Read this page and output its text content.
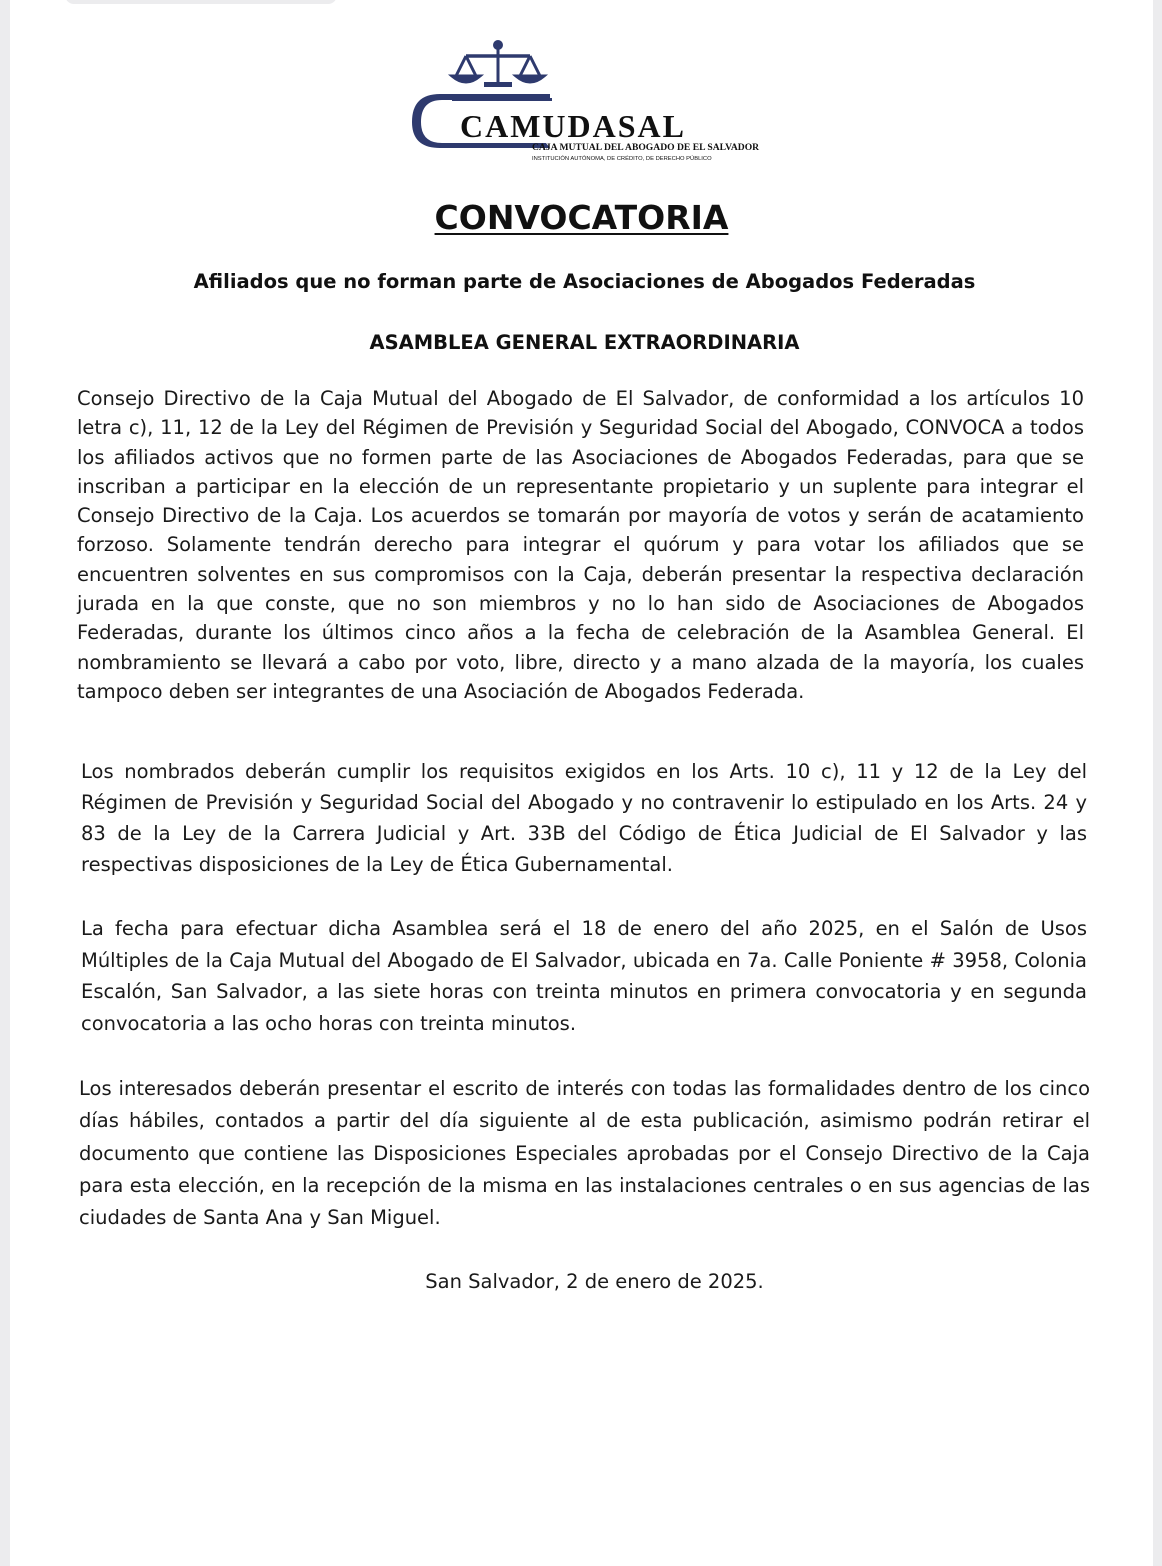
CAMUDASAL
CAJA MUTUAL DEL ABOGADO DE EL SALVADOR
INSTITUCIÓN AUTÓNOMA, DE CRÉDITO, DE DERECHO PÚBLICO
CONVOCATORIA

Afiliados que no forman parte de Asociaciones de Abogados Federadas

ASAMBLEA GENERAL EXTRAORDINARIA

Consejo Directivo de la Caja Mutual del Abogado de El Salvador, de conformidad a los artículos 10 letra c), 11, 12 de la Ley del Régimen de Previsión y Seguridad Social del Abogado, CONVOCA a todos los afiliados activos que no formen parte de las Asociaciones de Abogados Federadas, para que se inscriban a participar en la elección de un representante propietario y un suplente para integrar el Consejo Directivo de la Caja. Los acuerdos se tomarán por mayoría de votos y serán de acatamiento forzoso. Solamente tendrán derecho para integrar el quórum y para votar los afiliados que se encuentren solventes en sus compromisos con la Caja, deberán presentar la respectiva declaración jurada en la que conste, que no son miembros y no lo han sido de Asociaciones de Abogados Federadas, durante los últimos cinco años a la fecha de celebración de la Asamblea General. El nombramiento se llevará a cabo por voto, libre, directo y a mano alzada de la mayoría, los cuales tampoco deben ser integrantes de una Asociación de Abogados Federada.

Los nombrados deberán cumplir los requisitos exigidos en los Arts. 10 c), 11 y 12 de la Ley del Régimen de Previsión y Seguridad Social del Abogado y no contravenir lo estipulado en los Arts. 24 y 83 de la Ley de la Carrera Judicial y Art. 33B del Código de Ética Judicial de El Salvador y las respectivas disposiciones de la Ley de Ética Gubernamental.

La fecha para efectuar dicha Asamblea será el 18 de enero del año 2025, en el Salón de Usos Múltiples de la Caja Mutual del Abogado de El Salvador, ubicada en 7a. Calle Poniente # 3958, Colonia Escalón, San Salvador, a las siete horas con treinta minutos en primera convocatoria y en segunda convocatoria a las ocho horas con treinta minutos.

Los interesados deberán presentar el escrito de interés con todas las formalidades dentro de los cinco días hábiles, contados a partir del día siguiente al de esta publicación, asimismo podrán retirar el documento que contiene las Disposiciones Especiales aprobadas por el Consejo Directivo de la Caja para esta elección, en la recepción de la misma en las instalaciones centrales o en sus agencias de las ciudades de Santa Ana y San Miguel.

San Salvador, 2 de enero de 2025.
